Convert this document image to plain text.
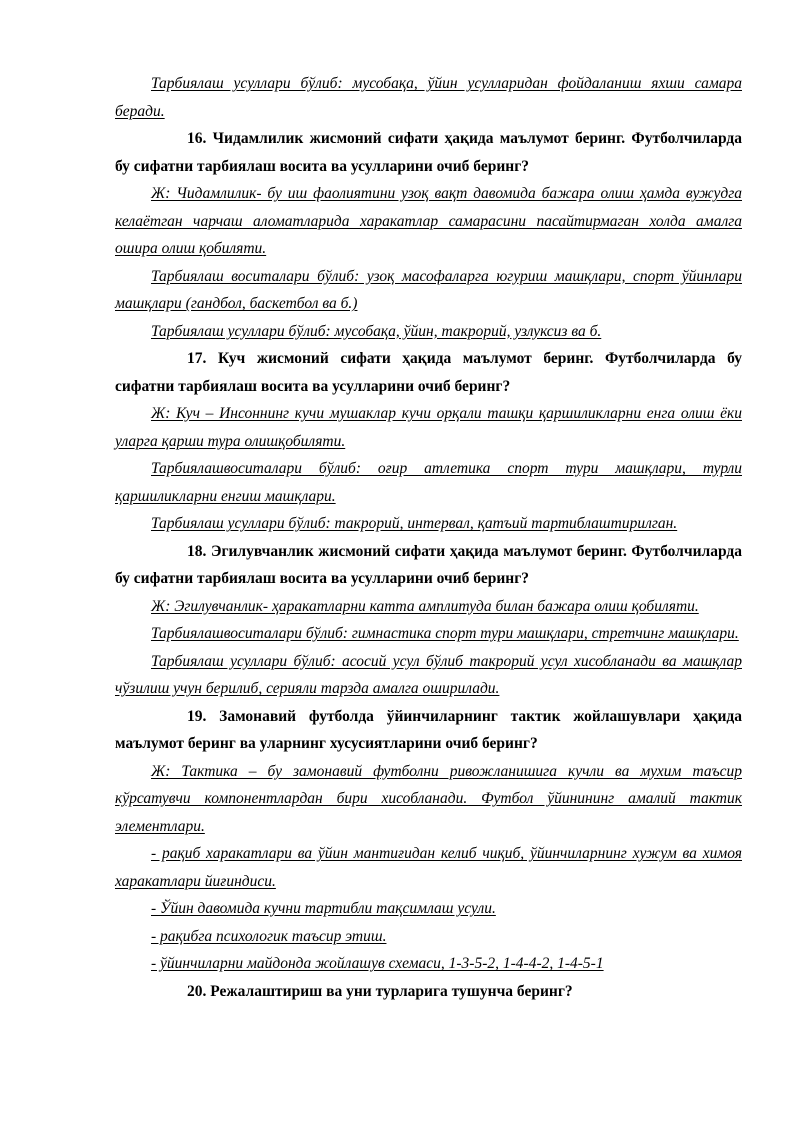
Тарбиялаш усуллари бўлиб: мусобақа, ўйин усулларидан фойдаланиш яхши самара беради.

16. Чидамлилик жисмоний сифати ҳақида маълумот беринг. Футболчиларда бу сифатни тарбиялаш восита ва усулларини очиб беринг?

Ж: Чидамлилик- бу иш фаолиятини узоқ вақт давомида бажара олиш ҳамда вужудга келаётган чарчаш аломатларида харакатлар самарасини пасайтирмаган холда амалга ошира олиш қобиляти.

Тарбиялаш воситалари бўлиб: узоқ масофаларга югуриш машқлари, спорт ўйинлари машқлари (гандбол, баскетбол ва б.)

Тарбиялаш усуллари бўлиб: мусобақа, ўйин, такрорий, узлуксиз ва б.

17. Куч жисмоний сифати ҳақида маълумот беринг. Футболчиларда бу сифатни тарбиялаш восита ва усулларини очиб беринг?

Ж: Куч – Инсоннинг кучи мушаклар кучи орқали ташқи қаршиликларни енга олиш ёки уларга қарши тура олишқобиляти.

Тарбиялашвоситалари бўлиб: оғир атлетика спорт тури машқлари, турли қаршиликларни енгиш машқлари.

Тарбиялаш усуллари бўлиб: такрорий, интервал, қатъий тартиблаштирилган.

18. Эгилувчанлик жисмоний сифати ҳақида маълумот беринг. Футболчиларда бу сифатни тарбиялаш восита ва усулларини очиб беринг?

Ж: Эгилувчанлик- ҳаракатларни катта амплитуда билан бажара олиш қобиляти.

Тарбиялашвоситалари бўлиб: гимнастика спорт тури машқлари, стретчинг машқлари.

Тарбиялаш усуллари бўлиб: асосий усул бўлиб такрорий усул хисобланади ва машқлар чўзилиш учун берилиб, серияли тарзда амалга оширилади.

19. Замонавий футболда ўйинчиларнинг тактик жойлашувлари ҳақида маълумот беринг ва уларнинг хусусиятларини очиб беринг?

Ж: Тактика – бу замонавий футболни ривожланишига кучли ва мухим таъсир кўрсатувчи компонентлардан бири хисобланади. Футбол ўйинининг амалий тактик элементлари.

- рақиб харакатлари ва ўйин мантиғидан келиб чиқиб, ўйинчиларнинг хужум ва химоя харакатлари йиғиндиси.

- Ўйин давомида кучни тартибли тақсимлаш усули.

- рақибга психологик таъсир этиш.

- ўйинчиларни майдонда жойлашув схемаси, 1-3-5-2, 1-4-4-2, 1-4-5-1

20. Режалаштириш ва уни турларига тушунча беринг?
